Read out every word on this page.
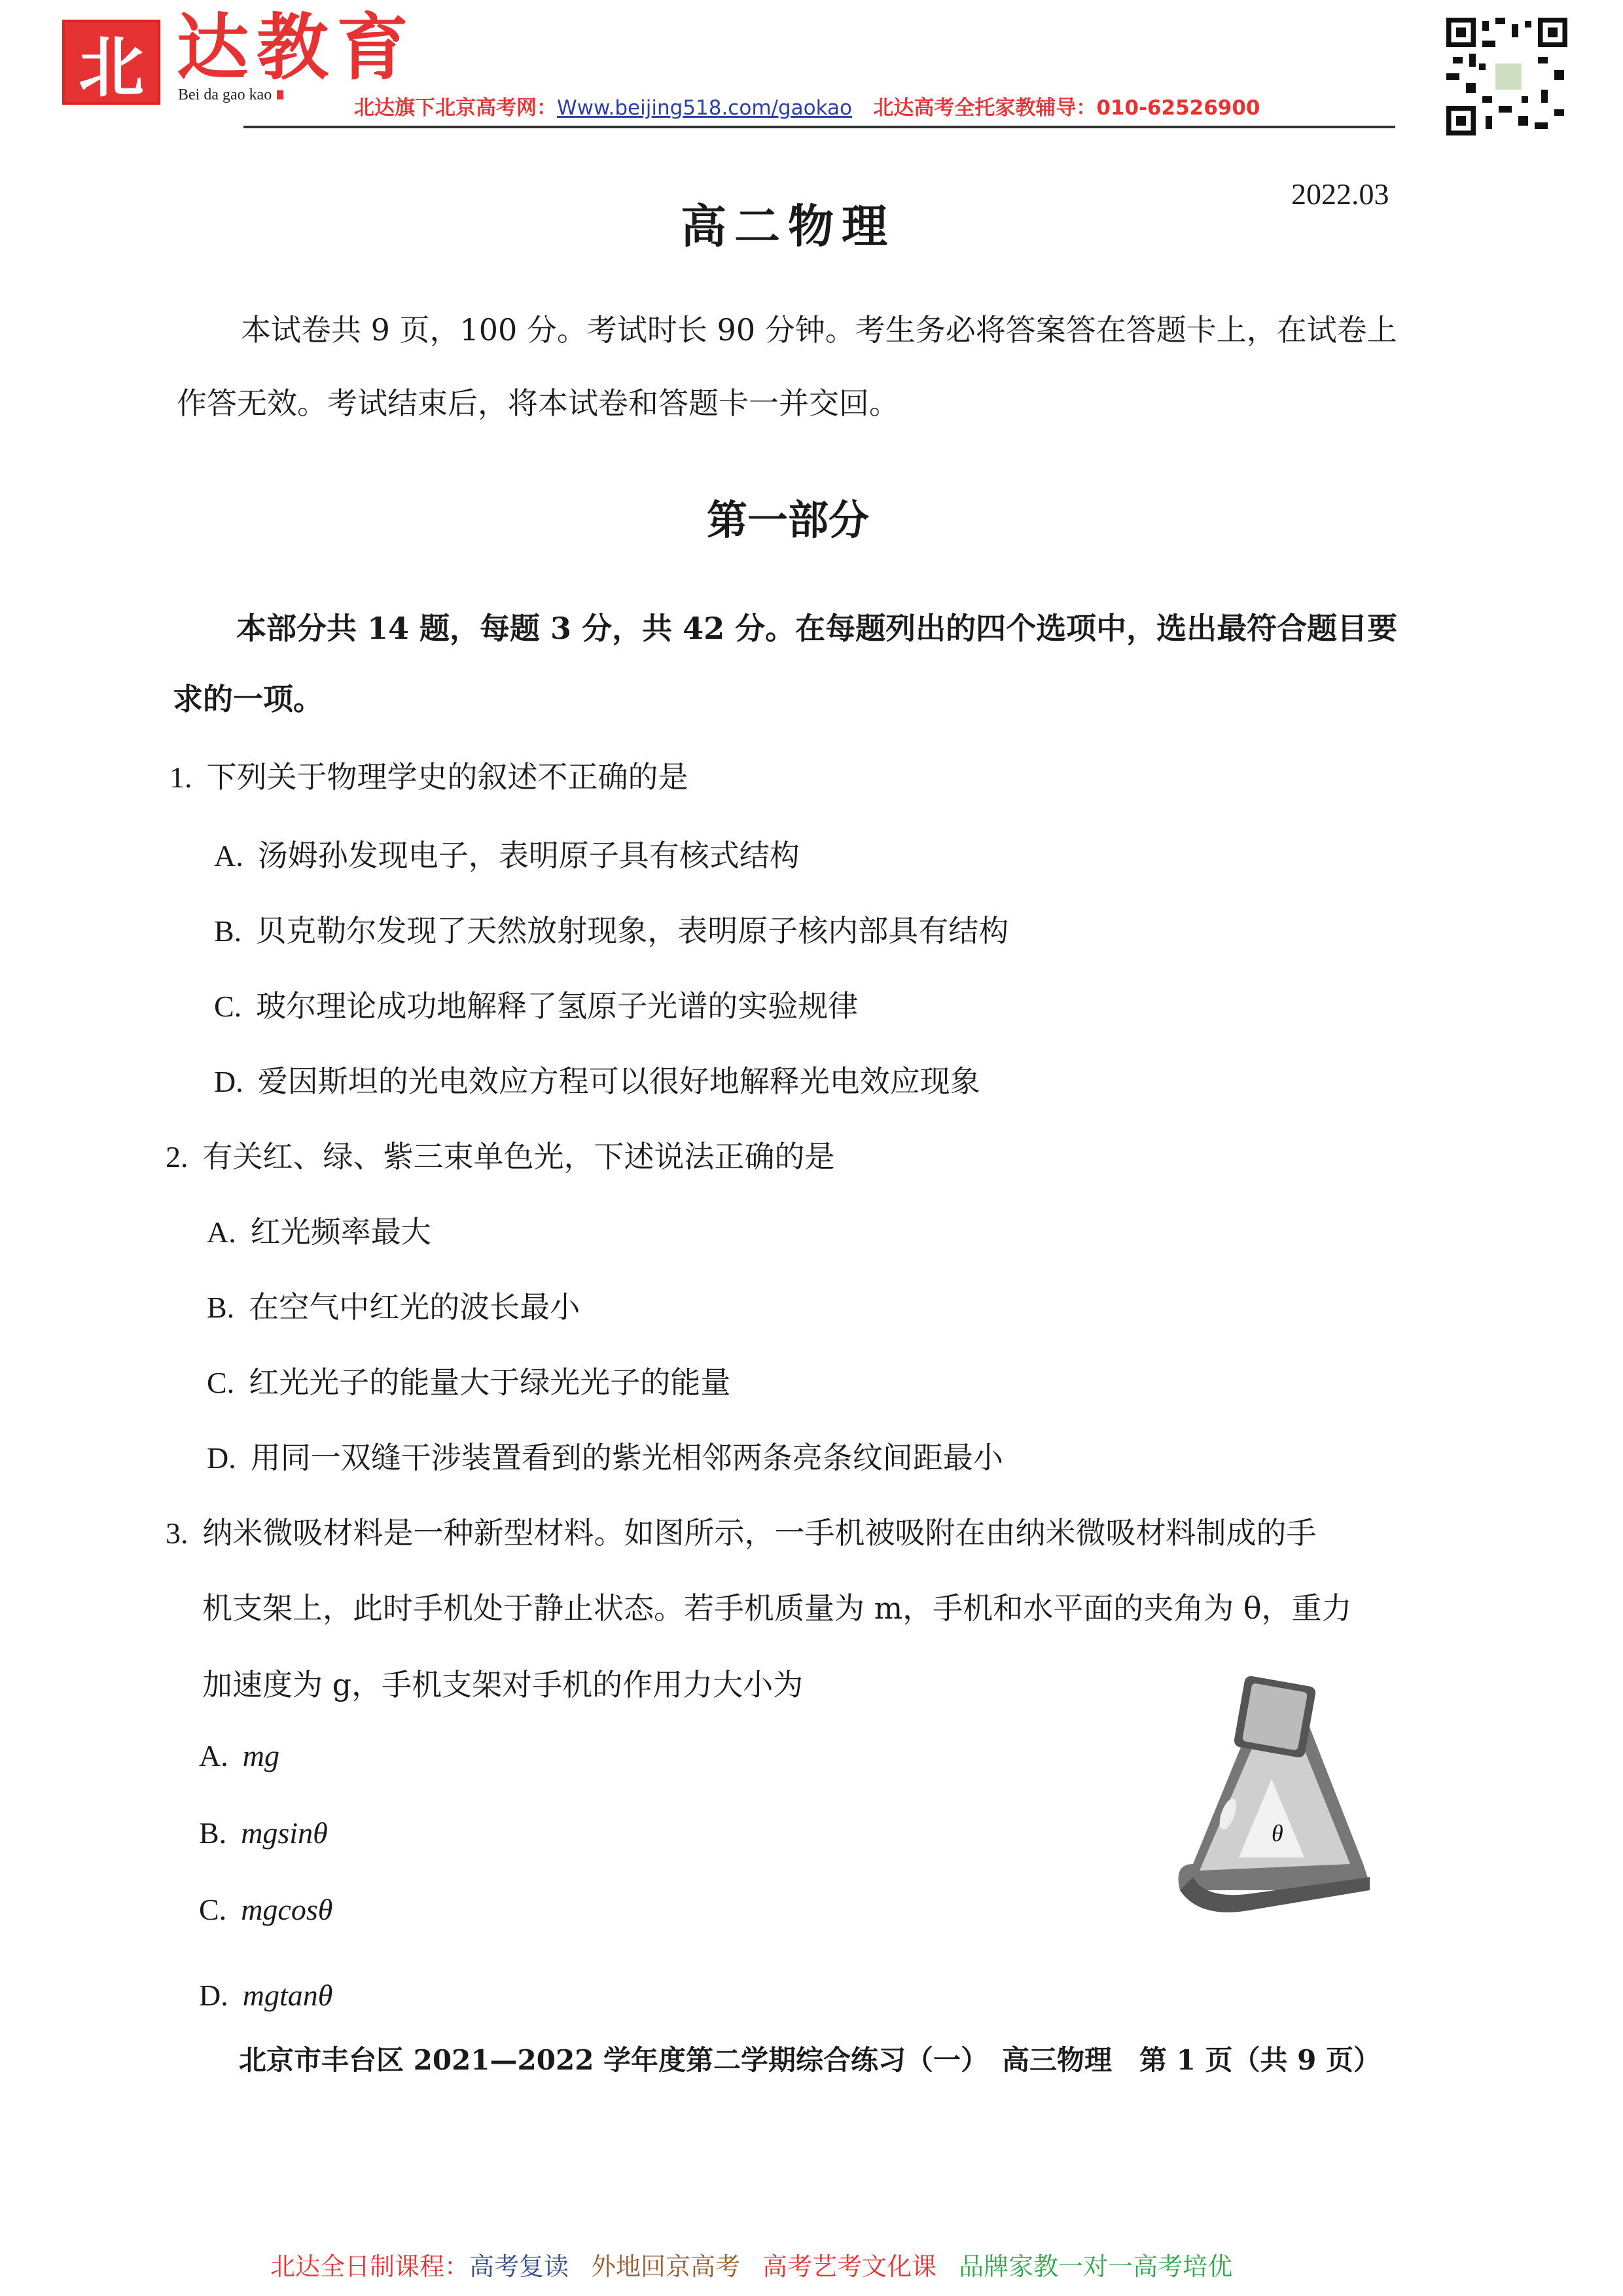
北 达教育
Bei da gao kao
北达旗下北京高考网：Www.beijing518.com/gaokao 北达高考全托家教辅导：010-62526900
2022.03
高二物理
本试卷共 9 页，100 分。考试时长 90 分钟。考生务必将答案答在答题卡上，在试卷上
作答无效。考试结束后，将本试卷和答题卡一并交回。
第一部分
本部分共 14 题，每题 3 分，共 42 分。在每题列出的四个选项中，选出最符合题目要
求的一项。
1. 下列关于物理学史的叙述不正确的是
A. 汤姆孙发现电子，表明原子具有核式结构
B. 贝克勒尔发现了天然放射现象，表明原子核内部具有结构
C. 玻尔理论成功地解释了氢原子光谱的实验规律
D. 爱因斯坦的光电效应方程可以很好地解释光电效应现象
2. 有关红、绿、紫三束单色光，下述说法正确的是
A. 红光频率最大
B. 在空气中红光的波长最小
C. 红光光子的能量大于绿光光子的能量
D. 用同一双缝干涉装置看到的紫光相邻两条亮条纹间距最小
3. 纳米微吸材料是一种新型材料。如图所示，一手机被吸附在由纳米微吸材料制成的手
机支架上，此时手机处于静止状态。若手机质量为 m，手机和水平面的夹角为 θ，重力
加速度为 g，手机支架对手机的作用力大小为
A. mg
B. mgsinθ
C. mgcosθ
D. mgtanθ
θ
北京市丰台区 2021—2022 学年度第二学期综合练习（一）　高三物理　第 1 页（共 9 页）
北达全日制课程：高考复读 外地回京高考 高考艺考文化课 品牌家教一对一高考培优
